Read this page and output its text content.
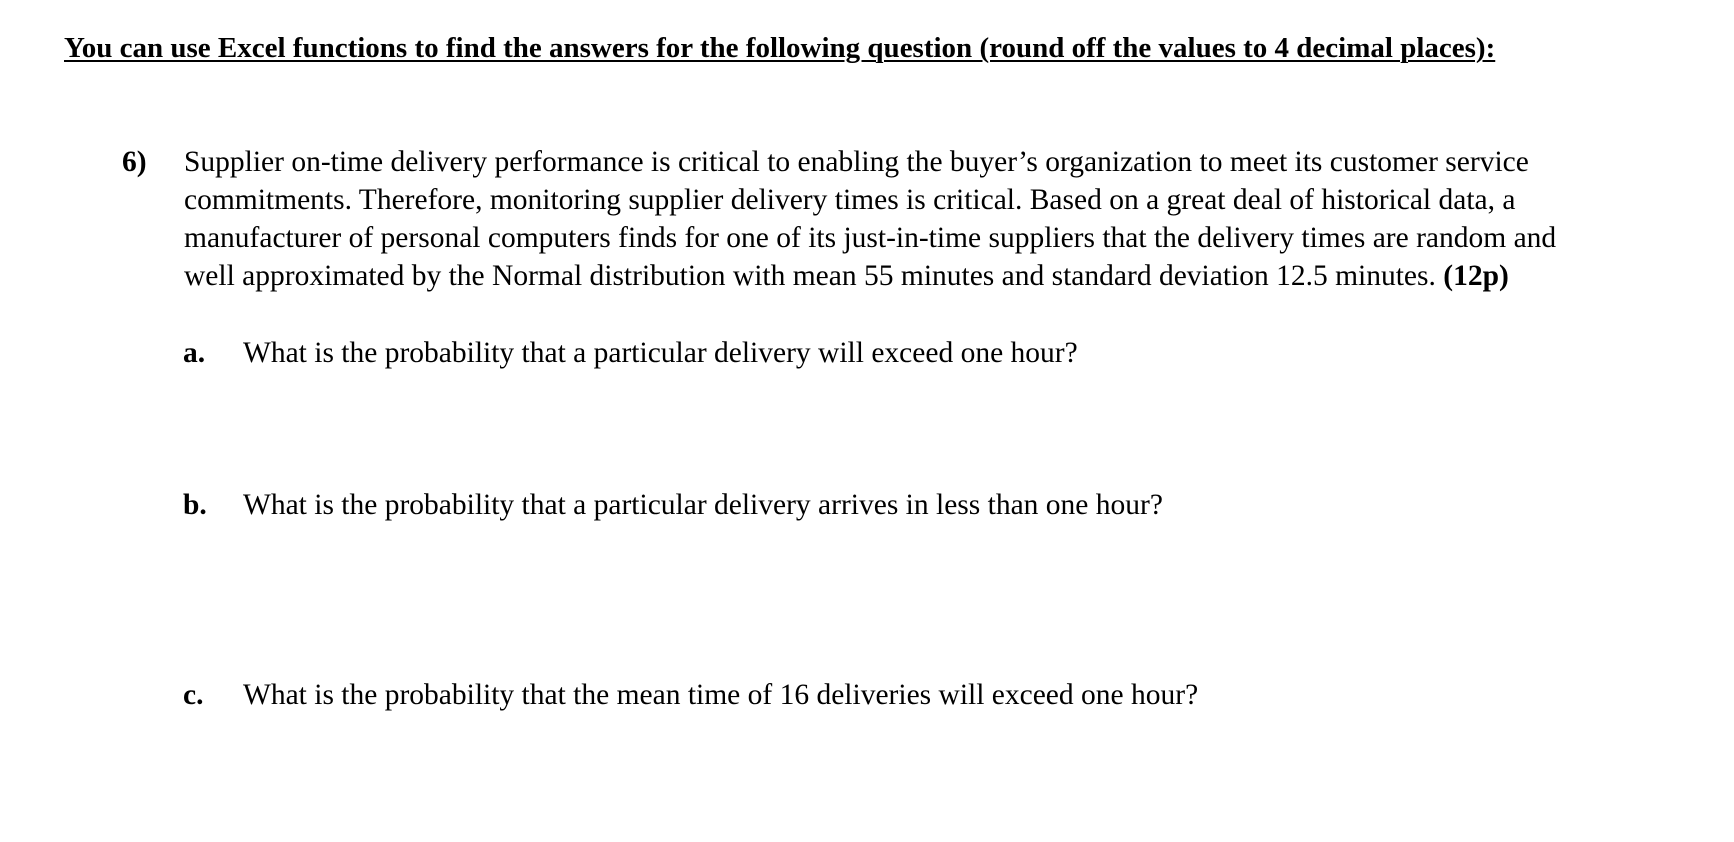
You can use Excel functions to find the answers for the following question (round off the values to 4 decimal places):

6) Supplier on-time delivery performance is critical to enabling the buyer’s organization to meet its customer service commitments. Therefore, monitoring supplier delivery times is critical. Based on a great deal of historical data, a manufacturer of personal computers finds for one of its just-in-time suppliers that the delivery times are random and well approximated by the Normal distribution with mean 55 minutes and standard deviation 12.5 minutes. (12p)
a. What is the probability that a particular delivery will exceed one hour?
b. What is the probability that a particular delivery arrives in less than one hour?
c. What is the probability that the mean time of 16 deliveries will exceed one hour?
